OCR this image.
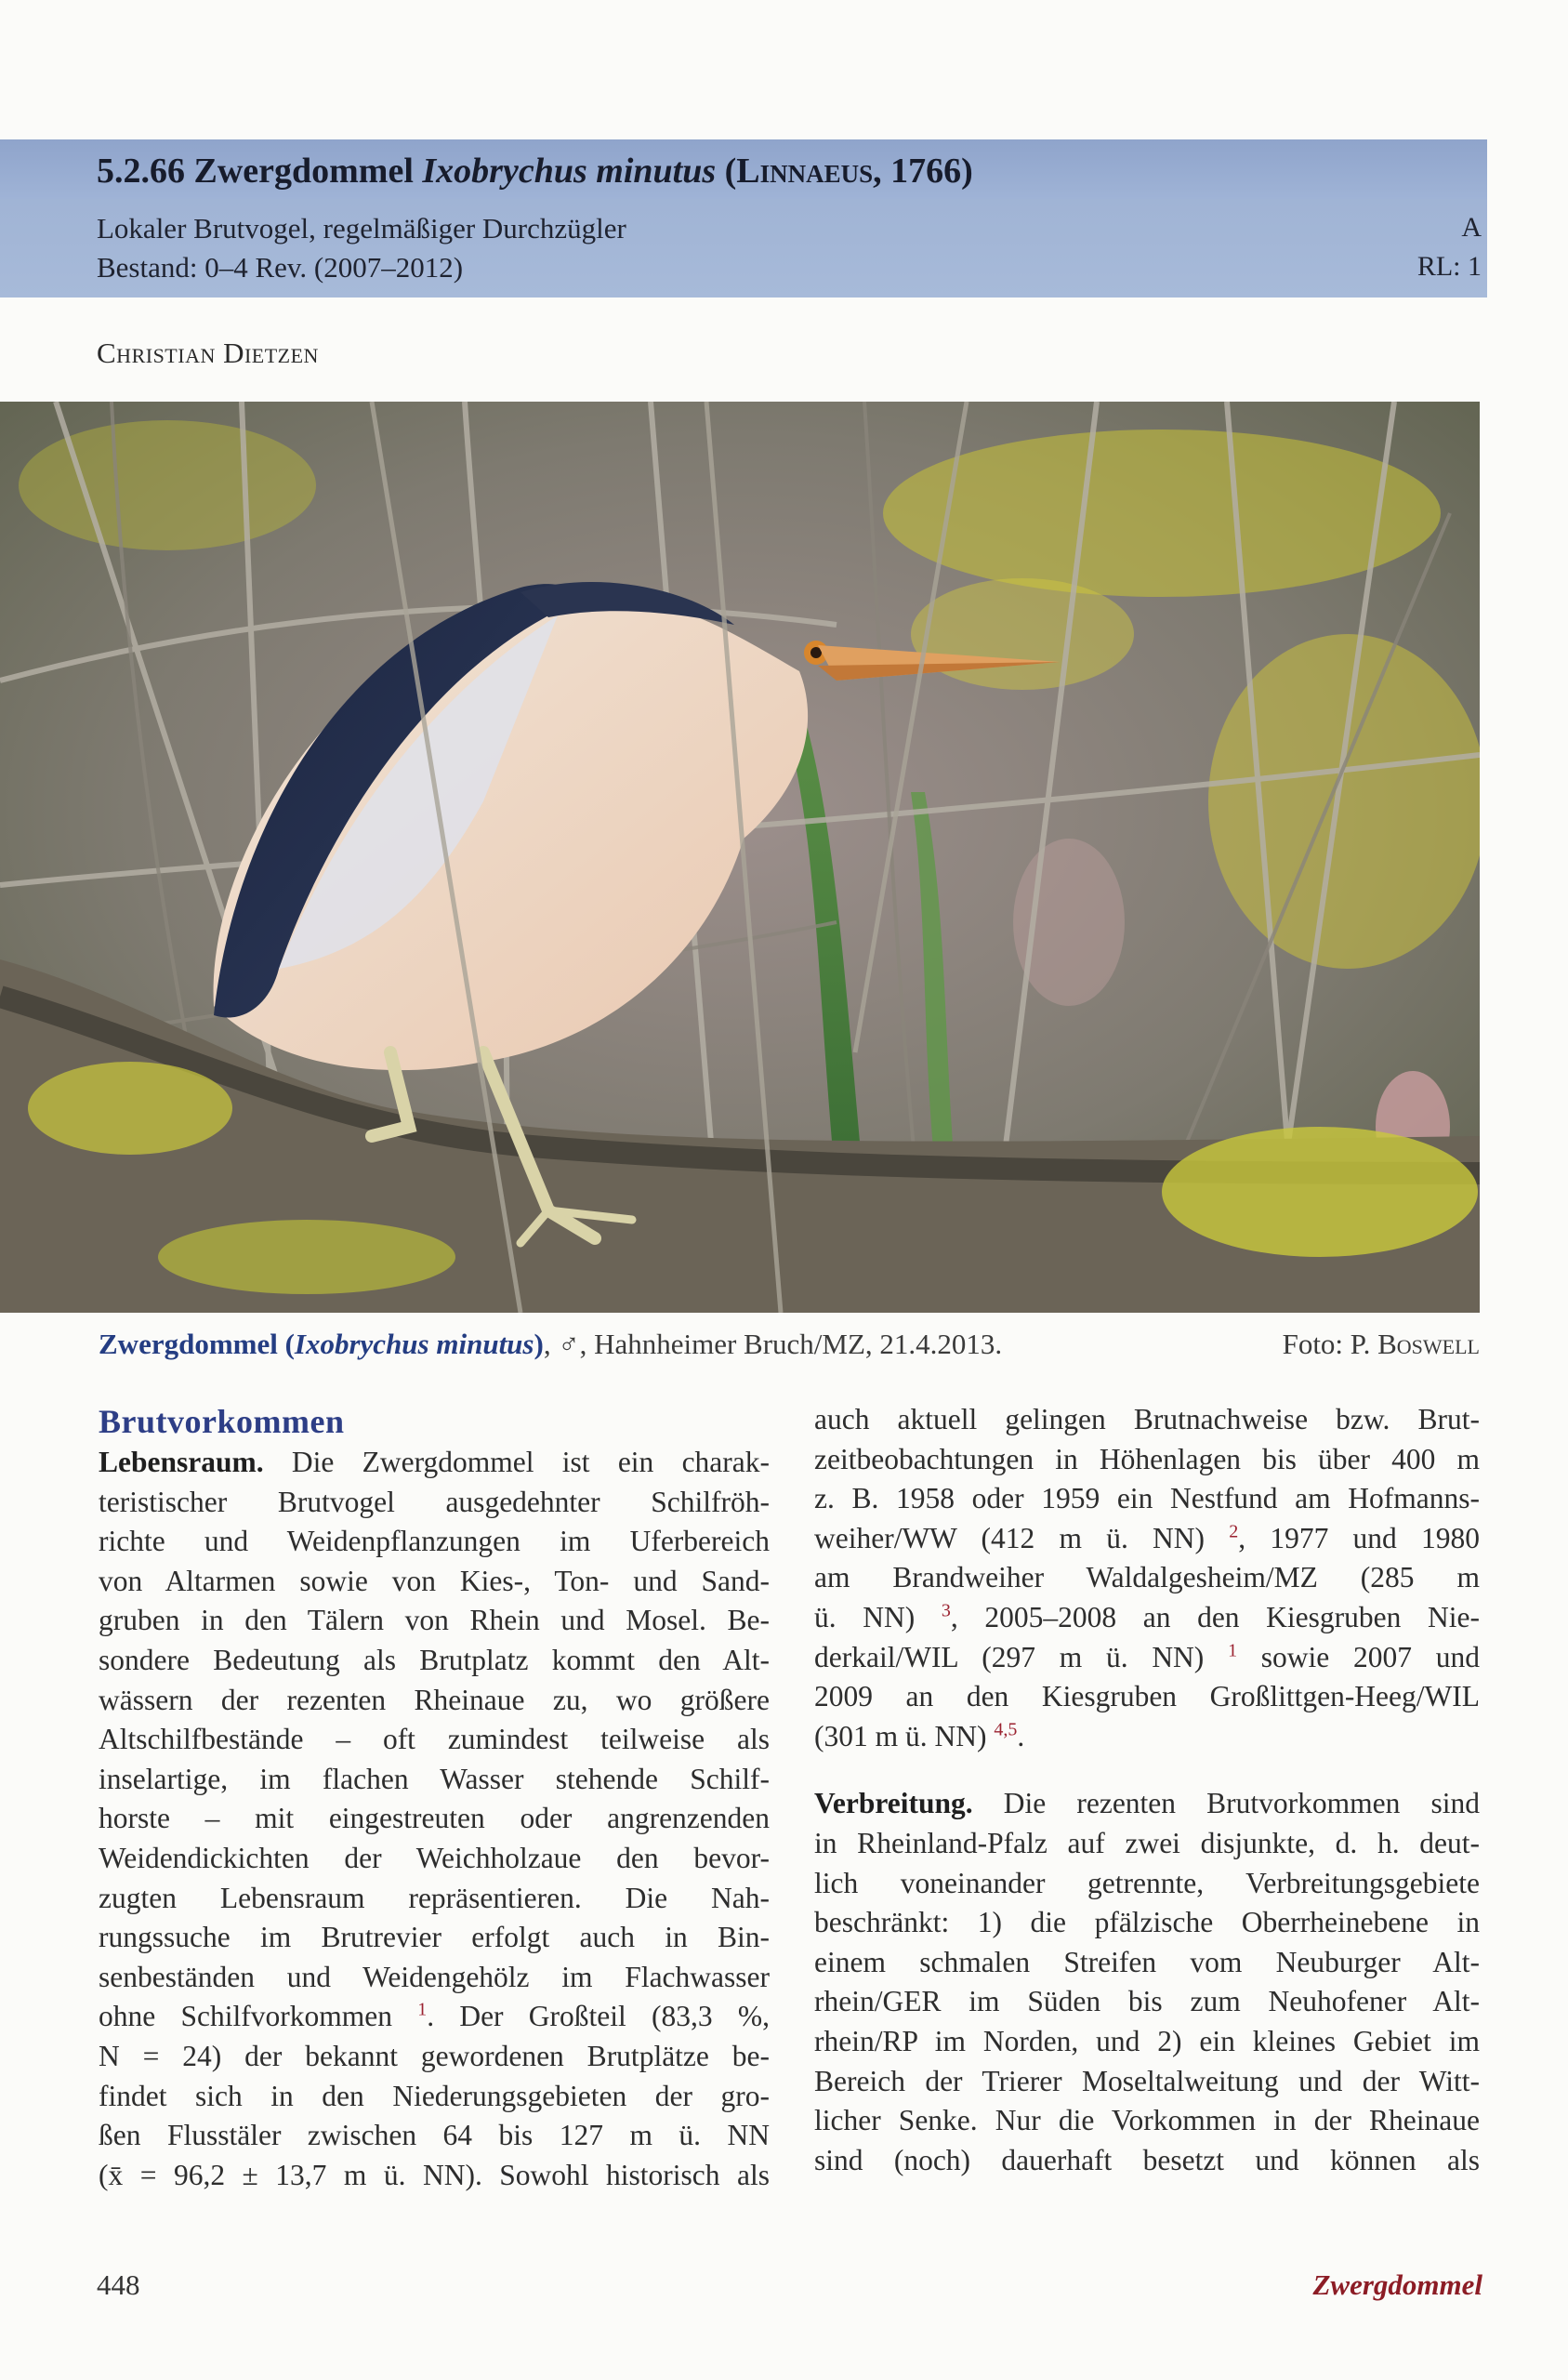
5.2.66 Zwergdommel Ixobrychus minutus (Linnaeus, 1766)
Lokaler Brutvogel, regelmäßiger Durchzügler
Bestand: 0–4 Rev. (2007–2012)
A
RL: 1
Christian Dietzen
Zwergdommel (Ixobrychus minutus), ♂, Hahnheimer Bruch/MZ, 21.4.2013.	Foto: P. Boswell
Brutvorkommen
Lebensraum. Die Zwergdommel ist ein charak-
teristischer Brutvogel ausgedehnter Schilfröh-
richte und Weidenpflanzungen im Uferbereich
von Altarmen sowie von Kies-, Ton- und Sand-
gruben in den Tälern von Rhein und Mosel. Be-
sondere Bedeutung als Brutplatz kommt den Alt-
wässern der rezenten Rheinaue zu, wo größere
Altschilfbestände – oft zumindest teilweise als
inselartige, im flachen Wasser stehende Schilf-
horste – mit eingestreuten oder angrenzenden
Weidendickichten der Weichholzaue den bevor-
zugten Lebensraum repräsentieren. Die Nah-
rungssuche im Brutrevier erfolgt auch in Bin-
senbeständen und Weidengehölz im Flachwasser
ohne Schilfvorkommen $^1$. Der Großteil (83,3 %,
N = 24) der bekannt gewordenen Brutplätze be-
findet sich in den Niederungsgebieten der gro-
ßen Flusstäler zwischen 64 bis 127 m ü. NN
(x̄ = 96,2 ± 13,7 m ü. NN). Sowohl historisch als
auch aktuell gelingen Brutnachweise bzw. Brut-
zeitbeobachtungen in Höhenlagen bis über 400 m
z. B. 1958 oder 1959 ein Nestfund am Hofmanns-
weiher/WW (412 m ü. NN) $^2$, 1977 und 1980
am Brandweiher Waldalgesheim/MZ (285 m
ü. NN) $^3$, 2005–2008 an den Kiesgruben Nie-
derkail/WIL (297 m ü. NN) $^1$ sowie 2007 und
2009 an den Kiesgruben Großlittgen-Heeg/WIL
(301 m ü. NN) $^{4,5}$.
Verbreitung. Die rezenten Brutvorkommen sind
in Rheinland-Pfalz auf zwei disjunkte, d. h. deut-
lich voneinander getrennte, Verbreitungsgebiete
beschränkt: 1) die pfälzische Oberrheinebene in
einem schmalen Streifen vom Neuburger Alt-
rhein/GER im Süden bis zum Neuhofener Alt-
rhein/RP im Norden, und 2) ein kleines Gebiet im
Bereich der Trierer Moseltalweitung und der Witt-
licher Senke. Nur die Vorkommen in der Rheinaue
sind (noch) dauerhaft besetzt und können als
448	Zwergdommel
